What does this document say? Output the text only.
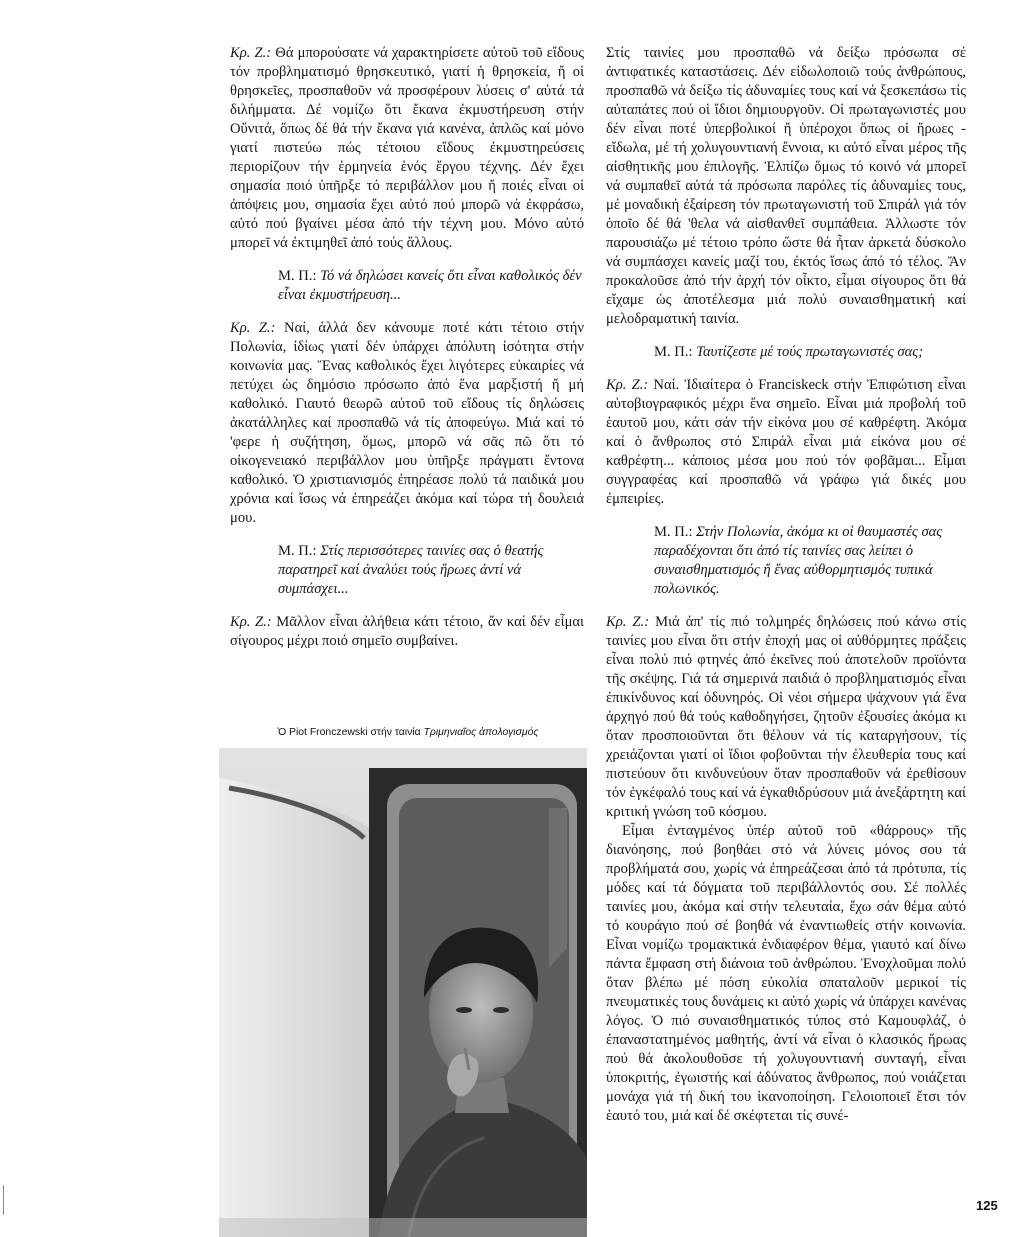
Κρ. Ζ.: Θά μπορούσατε νά χαρακτηρίσετε αὐτοῦ τοῦ εἴδους τόν προβληματισμό θρησκευτικό, γιατί ἡ θρησκεία, ἤ οἱ θρησκεῖες, προσπαθοῦν νά προσφέρουν λύσεις σ' αὐτά τά διλήμματα. Δέ νομίζω ὅτι ἔκανα ἐκμυστήρευση στήν Οὔνιτά, ὅπως δέ θά τήν ἔκανα γιά κανένα, ἀπλῶς καί μόνο γιατί πιστεύω πώς τέτοιου εἴδους ἐκμυστηρεύσεις περιορίζουν τήν ἑρμηνεία ἑνός ἔργου τέχνης. Δέν ἔχει σημασία ποιό ὑπῆρξε τό περιβάλλον μου ἤ ποιές εἶναι οἱ ἀπόψεις μου, σημασία ἔχει αὐτό πού μπορῶ νά ἐκφράσω, αὐτό πού βγαίνει μέσα ἀπό τήν τέχνη μου. Μόνο αὐτό μπορεῖ νά ἐκτιμηθεῖ ἀπό τούς ἄλλους.

Μ. Π.: Τό νά δηλώσει κανείς ὅτι εἶναι καθολικός δέν εἶναι ἐκμυστήρευση...

Κρ. Ζ.: Ναί, ἀλλά δεν κάνουμε ποτέ κάτι τέτοιο στήν Πολωνία, ἰδίως γιατί δέν ὑπάρχει ἀπόλυτη ἰσότητα στήν κοινωνία μας. Ἕνας καθολικός ἔχει λιγότερες εὐκαιρίες νά πετύχει ὡς δημόσιο πρόσωπο ἀπό ἕνα μαρξιστή ἤ μή καθολικό. Γιαυτό θεωρῶ αὐτοῦ τοῦ εἴδους τίς δηλώσεις ἀκατάλληλες καί προσπαθῶ νά τίς ἀποφεύγω. Μιά καί τό 'φερε ἡ συζήτηση, ὅμως, μπορῶ νά σᾶς πῶ ὅτι τό οἰκογενειακό περιβάλλον μου ὑπῆρξε πράγματι ἔντονα καθολικό. Ὁ χριστιανισμός ἐπηρέασε πολύ τά παιδικά μου χρόνια καί ἴσως νά ἐπηρεάζει ἀκόμα καί τώρα τή δουλειά μου.

Μ. Π.: Στίς περισσότερες ταινίες σας ὁ θεατής παρατηρεῖ καί ἀναλύει τούς ἥρωες ἀντί νά συμπάσχει...

Κρ. Ζ.: Μᾶλλον εἶναι ἀλήθεια κάτι τέτοιο, ἄν καί δέν εἶμαι σίγουρος μέχρι ποιό σημεῖο συμβαίνει.

Ὁ Piot Fronczewski στήν ταινία Τριμηνιαῖος ἀπολογισμός

Στίς ταινίες μου προσπαθῶ νά δείξω πρόσωπα σέ ἀντιφατικές καταστάσεις. Δέν εἰδωλοποιῶ τούς ἀνθρώπους, προσπαθῶ νά δείξω τίς ἀδυναμίες τους καί νά ξεσκεπάσω τίς αὐταπάτες πού οἱ ἴδιοι δημιουργοῦν. Οἱ πρωταγωνιστές μου δέν εἶναι ποτέ ὑπερβολικοί ἤ ὑπέροχοι ὅπως οἱ ἥρωες - εἴδωλα, μέ τή χολυγουντιανή ἔννοια, κι αὐτό εἶναι μέρος τῆς αἰσθητικῆς μου ἐπιλογῆς. Ἐλπίζω ὅμως τό κοινό νά μπορεῖ νά συμπαθεῖ αὐτά τά πρόσωπα παρόλες τίς ἀδυναμίες τους, μέ μοναδική ἐξαίρεση τόν πρωταγωνιστή τοῦ Σπιράλ γιά τόν ὁποῖο δέ θά 'θελα νά αἰσθανθεῖ συμπάθεια. Ἀλλωστε τόν παρουσιάζω μέ τέτοιο τρόπο ὥστε θά ἦταν ἀρκετά δύσκολο νά συμπάσχει κανείς μαζί του, ἐκτός ἴσως ἀπό τό τέλος. Ἄν προκαλοῦσε ἀπό τήν ἀρχή τόν οἶκτο, εἶμαι σίγουρος ὅτι θά εἴχαμε ὡς ἀποτέλεσμα μιά πολύ συναισθηματική καί μελοδραματική ταινία.

Μ. Π.: Ταυτίζεστε μέ τούς πρωταγωνιστές σας;

Κρ. Ζ.: Ναί. Ἰδιαίτερα ὁ Franciskeck στήν Ἐπιφώτιση εἶναι αὐτοβιογραφικός μέχρι ἕνα σημεῖο. Εἶναι μιά προβολή τοῦ ἑαυτοῦ μου, κάτι σάν τήν εἰκόνα μου σέ καθρέφτη. Ἀκόμα καί ὁ ἄνθρωπος στό Σπιράλ εἶναι μιά εἰκόνα μου σέ καθρέφτη... κάποιος μέσα μου πού τόν φοβᾶμαι... Εἶμαι συγγραφέας καί προσπαθῶ νά γράφω γιά δικές μου ἐμπειρίες.

Μ. Π.: Στήν Πολωνία, ἀκόμα κι οἱ θαυμαστές σας παραδέχονται ὅτι ἀπό τίς ταινίες σας λείπει ὁ συναισθηματισμός ἤ ἕνας αὐθορμητισμός τυπικά πολωνικός.

Κρ. Ζ.: Μιά ἀπ' τίς πιό τολμηρές δηλώσεις πού κάνω στίς ταινίες μου εἶναι ὅτι στήν ἐποχή μας οἱ αὐθόρμητες πράξεις εἶναι πολύ πιό φτηνές ἀπό ἐκεῖνες πού ἀποτελοῦν προϊόντα τῆς σκέψης. Γιά τά σημερινά παιδιά ὁ προβληματισμός εἶναι ἐπικίνδυνος καί ὀδυνηρός. Οἱ νέοι σήμερα ψάχνουν γιά ἕνα ἀρχηγό πού θά τούς καθοδηγήσει, ζητοῦν ἐξουσίες ἀκόμα κι ὅταν προσποιοῦνται ὅτι θέλουν νά τίς καταργήσουν, τίς χρειάζονται γιατί οἱ ἴδιοι φοβοῦνται τήν ἐλευθερία τους καί πιστεύουν ὅτι κινδυνεύουν ὅταν προσπαθοῦν νά ἐρεθίσουν τόν ἐγκέφαλό τους καί νά ἐγκαθιδρύσουν μιά ἀνεξάρτητη καί κριτική γνώση τοῦ κόσμου.

Εἶμαι ἐνταγμένος ὑπέρ αὐτοῦ τοῦ «θάρρους» τῆς διανόησης, πού βοηθάει στό νά λύνεις μόνος σου τά προβλήματά σου, χωρίς νά ἐπηρεάζεσαι ἀπό τά πρότυπα, τίς μόδες καί τά δόγματα τοῦ περιβάλλοντός σου. Σέ πολλές ταινίες μου, ἀκόμα καί στήν τελευταία, ἔχω σάν θέμα αὐτό τό κουράγιο πού σέ βοηθά νά ἐναντιωθείς στήν κοινωνία. Εἶναι νομίζω τρομακτικά ἐνδιαφέρον θέμα, γιαυτό καί δίνω πάντα ἔμφαση στή διάνοια τοῦ ἀνθρώπου. Ἐνοχλοῦμαι πολύ ὅταν βλέπω μέ πόση εὐκολία σπαταλοῦν μερικοί τίς πνευματικές τους δυνάμεις κι αὐτό χωρίς νά ὑπάρχει κανένας λόγος. Ὁ πιό συναισθηματικός τύπος στό Καμουφλάζ, ὁ ἐπαναστατημένος μαθητής, ἀντί νά εἶναι ὁ κλασικός ἥρωας πού θά ἀκολουθοῦσε τή χολυγουντιανή συνταγή, εἶναι ὑποκριτής, ἐγωιστής καί ἀδύνατος ἄνθρωπος, πού νοιάζεται μονάχα γιά τή δική του ἱκανοποίηση. Γελοιοποιεῖ ἔτσι τόν ἑαυτό του, μιά καί δέ σκέφτεται τίς συνέ-

125
